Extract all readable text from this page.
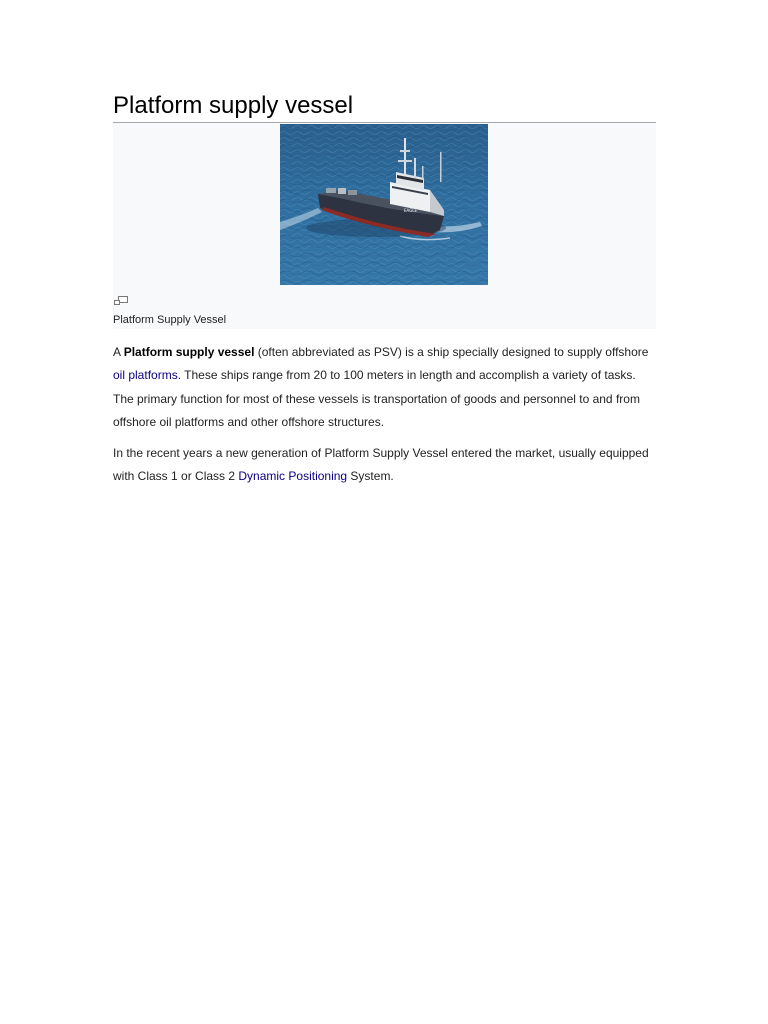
Platform supply vessel
EAGLE
Platform Supply Vessel

A Platform supply vessel (often abbreviated as PSV) is a ship specially designed to supply offshore oil platforms. These ships range from 20 to 100 meters in length and accomplish a variety of tasks. The primary function for most of these vessels is transportation of goods and personnel to and from offshore oil platforms and other offshore structures.

In the recent years a new generation of Platform Supply Vessel entered the market, usually equipped with Class 1 or Class 2 Dynamic Positioning System.
